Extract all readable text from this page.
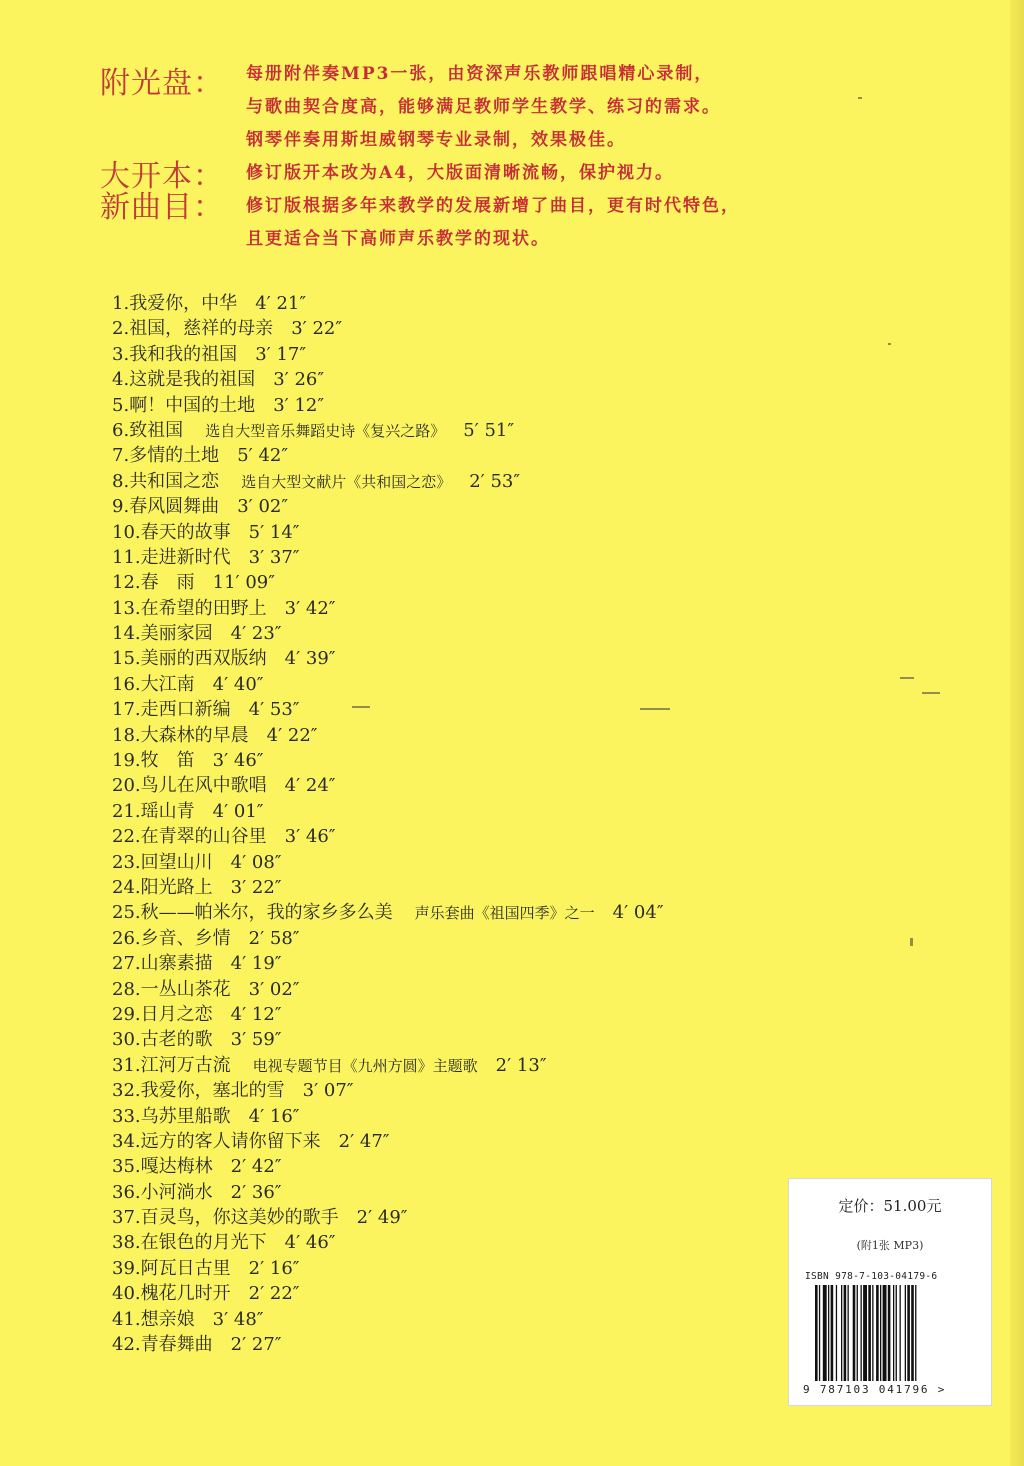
附光盘： 每册附伴奏MP3一张，由资深声乐教师跟唱精心录制，
与歌曲契合度高，能够满足教师学生教学、练习的需求。
钢琴伴奏用斯坦威钢琴专业录制，效果极佳。
大开本： 修订版开本改为A4，大版面清晰流畅，保护视力。
新曲目： 修订版根据多年来教学的发展新增了曲目，更有时代特色，
且更适合当下高师声乐教学的现状。
1.我爱你，中华 4′ 21″
2.祖国，慈祥的母亲 3′ 22″
3.我和我的祖国 3′ 17″
4.这就是我的祖国 3′ 26″
5.啊！中国的土地 3′ 12″
6.致祖国 选自大型音乐舞蹈史诗《复兴之路》 5′ 51″
7.多情的土地 5′ 42″
8.共和国之恋 选自大型文献片《共和国之恋》 2′ 53″
9.春风圆舞曲 3′ 02″
10.春天的故事 5′ 14″
11.走进新时代 3′ 37″
12.春　雨 11′ 09″
13.在希望的田野上 3′ 42″
14.美丽家园 4′ 23″
15.美丽的西双版纳 4′ 39″
16.大江南 4′ 40″
17.走西口新编 4′ 53″
18.大森林的早晨 4′ 22″
19.牧　笛 3′ 46″
20.鸟儿在风中歌唱 4′ 24″
21.瑶山青 4′ 01″
22.在青翠的山谷里 3′ 46″
23.回望山川 4′ 08″
24.阳光路上 3′ 22″
25.秋——帕米尔，我的家乡多么美 声乐套曲《祖国四季》之一 4′ 04″
26.乡音、乡情 2′ 58″
27.山寨素描 4′ 19″
28.一丛山茶花 3′ 02″
29.日月之恋 4′ 12″
30.古老的歌 3′ 59″
31.江河万古流 电视专题节目《九州方圆》主题歌 2′ 13″
32.我爱你，塞北的雪 3′ 07″
33.乌苏里船歌 4′ 16″
34.远方的客人请你留下来 2′ 47″
35.嘎达梅林 2′ 42″
36.小河淌水 2′ 36″
37.百灵鸟，你这美妙的歌手 2′ 49″
38.在银色的月光下 4′ 46″
39.阿瓦日古里 2′ 16″
40.槐花几时开 2′ 22″
41.想亲娘 3′ 48″
42.青春舞曲 2′ 27″
定价：51.00元
(附1张 MP3)
ISBN 978-7-103-04179-6
9 787103 041796 >
